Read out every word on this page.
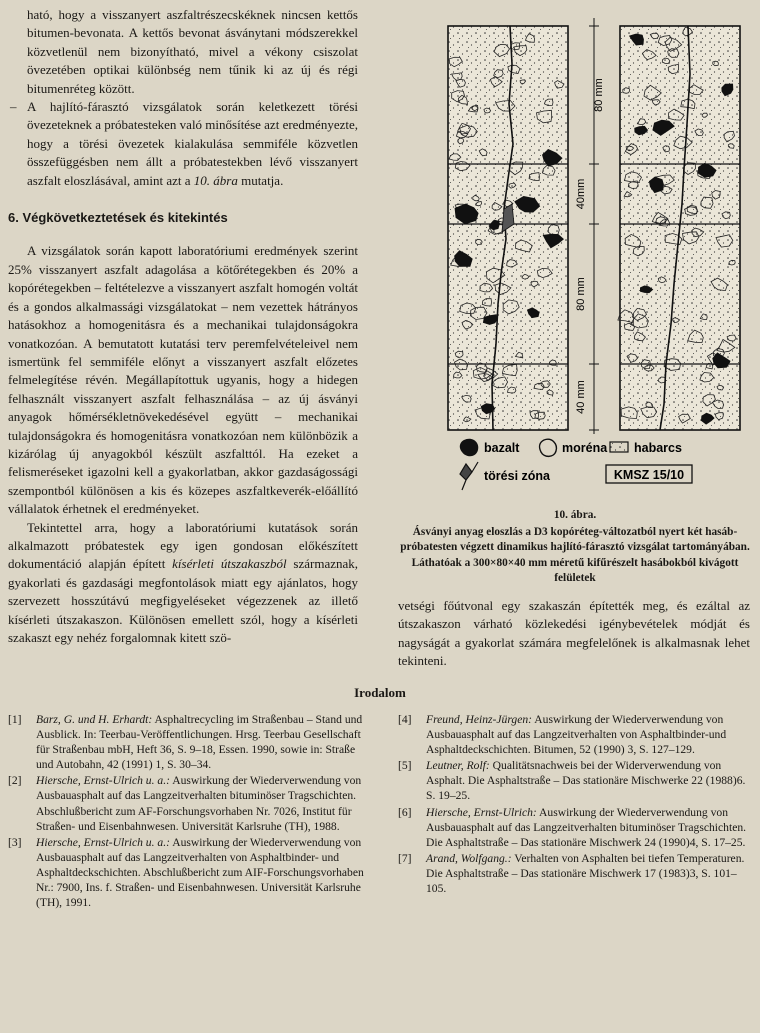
ható, hogy a visszanyert aszfaltrészecskéknek nincsen kettős bitumen-bevonata. A kettős bevonat ásványtani módszerekkel közvetlenül nem bizonyítható, mivel a vékony csiszolat övezetében optikai különbség nem tűnik ki az új és régi bitumenréteg között.

– A hajlító-fárasztó vizsgálatok során keletkezett törési övezeteknek a próbatesteken való minősítése azt eredményezte, hogy a törési övezetek kialakulása semmiféle közvetlen összefüggésben nem állt a próbatestekben lévő visszanyert aszfalt eloszlásával, amint azt a 10. ábra mutatja.

6. Végkövetkeztetések és kitekintés

A vizsgálatok során kapott laboratóriumi eredmények szerint 25% visszanyert aszfalt adagolása a kötőrétegekben és 20% a kopórétegekben – feltételezve a visszanyert aszfalt homogén voltát és a gondos alkalmassági vizsgálatokat – nem vezettek hátrányos hatásokhoz a homogenitásra és a mechanikai tulajdonságokra vonatkozóan. A bemutatott kutatási terv peremfelvételeivel nem ismertünk fel semmiféle előnyt a visszanyert aszfalt előzetes felmelegítése révén. Megállapítottuk ugyanis, hogy a hidegen felhasznált visszanyert aszfalt felhasználása – az új ásványi anyagok hőmérsékletnövekedésével együtt – mechanikai tulajdonságokra és homogenitásra vonatkozóan nem különbözik a kizárólag új anyagokból készült aszfalttól. Ha ezeket a felismeréseket igazolni kell a gyakorlatban, akkor gazdaságossági szempontból különösen a kis és közepes aszfaltkeverék-előállító vállalatok érhetnek el eredményeket.

Tekintettel arra, hogy a laboratóriumi kutatások során alkalmazott próbatestek egy igen gondosan előkészített dokumentáció alapján épített kísérleti útszakaszból származnak, gyakorlati és gazdasági megfontolások miatt egy ajánlatos, hogy szervezett hosszútávú megfigyeléseket végezzenek az illető kísérleti útszakaszon. Különösen emellett szól, hogy a kísérleti szakaszt egy nehéz forgalomnak kitett szö-

80 mm
40mm
80 mm
40 mm
bazalt	moréna habarcs
törési zóna	KMSZ 15/10
10. ábra.
Ásványi anyag eloszlás a D3 kopóréteg-változatból nyert két hasáb-próbatesten végzett dinamikus hajlító-fárasztó vizsgálat tartományában. Láthatóak a 300×80×40 mm méretű kifűrészelt hasábokból kivágott felületek

vetségi főútvonal egy szakaszán építették meg, és ezáltal az útszakaszon várható közlekedési igénybevételek módját és nagyságát a gyakorlat számára megfelelőnek is alkalmasnak lehet tekinteni.

Irodalom
[1] Barz, G. und H. Erhardt: Asphaltrecycling im Straßenbau – Stand und Ausblick. In: Teerbau-Veröffentlichungen. Hrsg. Teerbau Gesellschaft für Straßenbau mbH, Heft 36, S. 9–18, Essen. 1990, sowie in: Straße und Autobahn, 42 (1991) 1, S. 30–34.
[2] Hiersche, Ernst-Ulrich u. a.: Auswirkung der Wiederverwendung von Ausbauasphalt auf das Langzeitverhalten bituminöser Tragschichten. Abschlußbericht zum AF-Forschungsvorhaben Nr. 7026, Institut für Straßen- und Eisenbahnwesen. Universität Karlsruhe (TH), 1988.
[3] Hiersche, Ernst-Ulrich u. a.: Auswirkung der Wiederverwendung von Ausbauasphalt auf das Langzeitverhalten von Asphaltbinder- und Asphaltdeckschichten. Abschlußbericht zum AIF-Forschungsvorhaben Nr.: 7900, Ins. f. Straßen- und Eisenbahnwesen. Universität Karlsruhe (TH), 1991.
[4] Freund, Heinz-Jürgen: Auswirkung der Wiederverwendung von Ausbauasphalt auf das Langzeitverhalten von Asphaltbinder-und Asphaltdeckschichten. Bitumen, 52 (1990) 3, S. 127–129.
[5] Leutner, Rolf: Qualitätsnachweis bei der Widerverwendung von Asphalt. Die Asphaltstraße – Das stationäre Mischwerke 22 (1988)6. S. 19–25.
[6] Hiersche, Ernst-Ulrich: Auswirkung der Wiederverwendung von Ausbauasphalt auf das Langzeitverhalten bituminöser Tragschichten. Die Asphaltstraße – Das stationäre Mischwerk 24 (1990)4, S. 17–25.
[7] Arand, Wolfgang.: Verhalten von Asphalten bei tiefen Temperaturen. Die Asphaltstraße – Das stationäre Mischwerk 17 (1983)3, S. 101–105.
